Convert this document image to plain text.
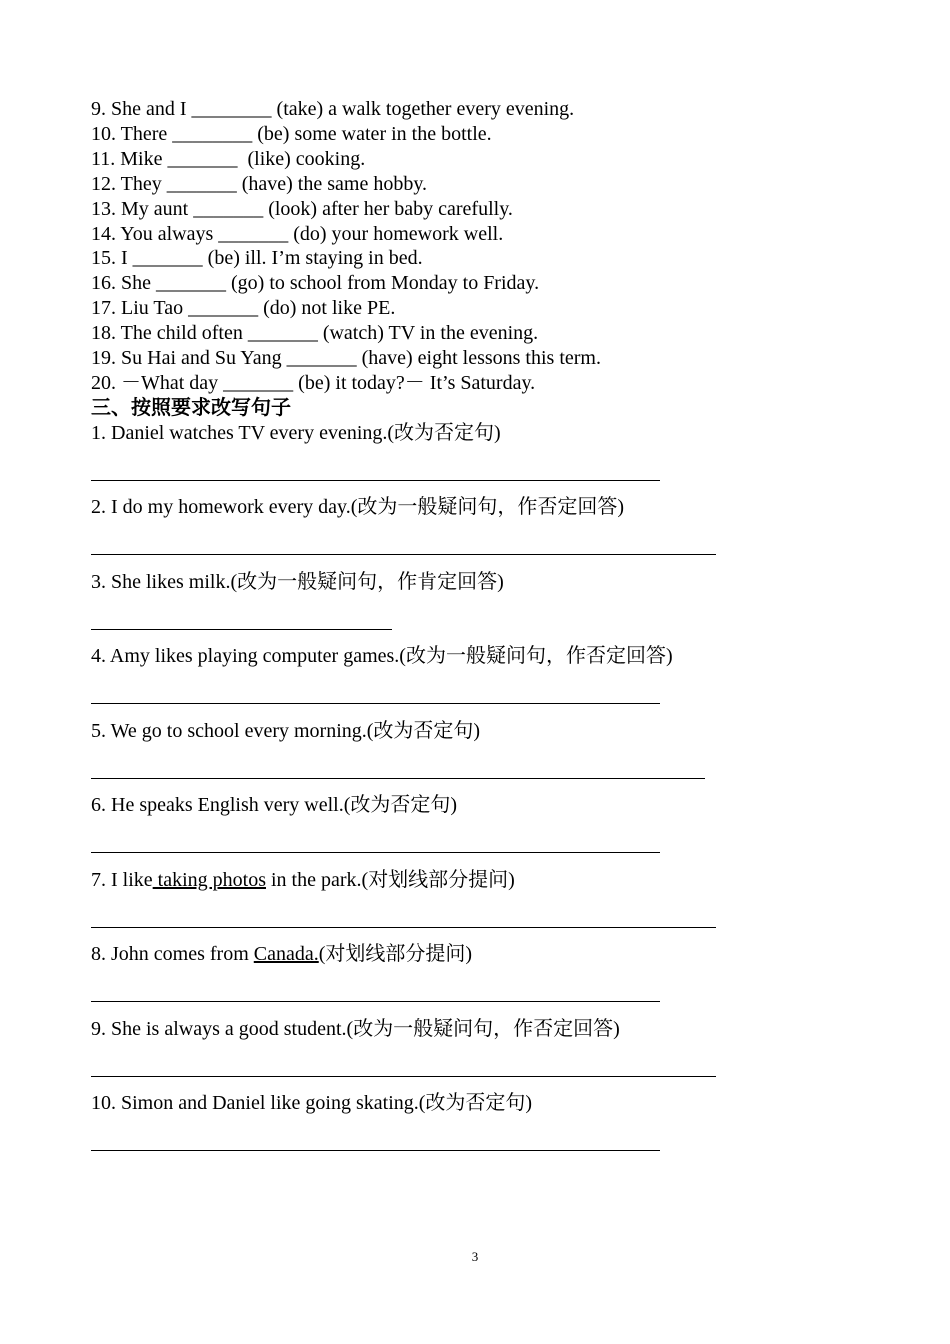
9. She and I ________ (take) a walk together every evening.
10. There ________ (be) some water in the bottle.
11. Mike _______  (like) cooking.
12. They _______ (have) the same hobby.
13. My aunt _______ (look) after her baby carefully.
14. You always _______ (do) your homework well.
15. I _______ (be) ill. I’m staying in bed.
16. She _______ (go) to school from Monday to Friday.
17. Liu Tao _______ (do) not like PE.
18. The child often _______ (watch) TV in the evening.
19. Su Hai and Su Yang _______ (have) eight lessons this term.
20. －What day _______ (be) it today?－ It’s Saturday.
三、按照要求改写句子
1. Daniel watches TV every evening.(改为否定句)
2. I do my homework every day.(改为一般疑问句，作否定回答)
3. She likes milk.(改为一般疑问句，作肯定回答)
4. Amy likes playing computer games.(改为一般疑问句，作否定回答)
5. We go to school every morning.(改为否定句)
6. He speaks English very well.(改为否定句)
7. I like taking photos in the park.(对划线部分提问)
8. John comes from Canada.(对划线部分提问)
9. She is always a good student.(改为一般疑问句，作否定回答)
10. Simon and Daniel like going skating.(改为否定句)
3
